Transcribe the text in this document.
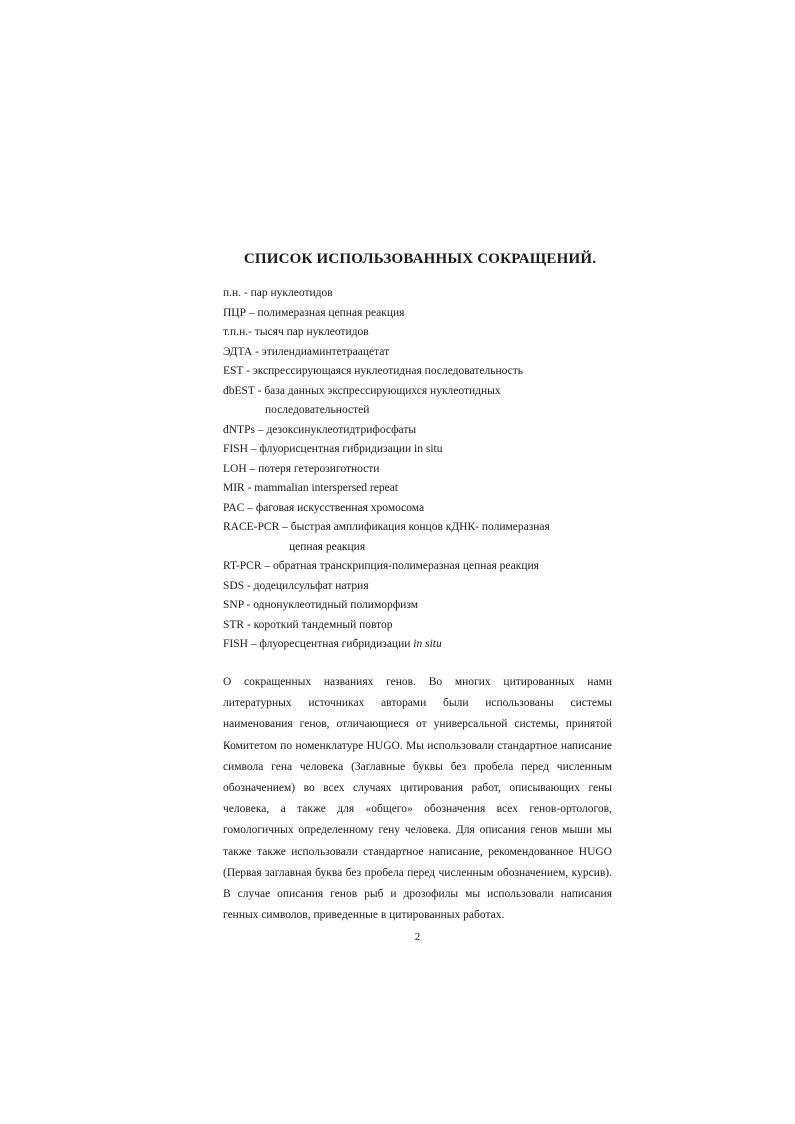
СПИСОК ИСПОЛЬЗОВАННЫХ СОКРАЩЕНИЙ.
п.н. - пар нуклеотидов
ПЦР – полимеразная цепная реакция
т.п.н.- тысяч пар нуклеотидов
ЭДТА - этилендиаминтетраацетат
EST - экспрессирующаяся нуклеотидная последовательность
dbEST - база данных экспрессирующихся нуклеотидных
последовательностей
dNTPs – дезоксинуклеотидтрифосфаты
FISH – флуорисцентная гибридизации in situ
LOH – потеря гетерозиготности
MIR - mammalian interspersed repeat
PAC – фаговая искусственная хромосома
RACE-PCR – быстрая амплификация концов кДНК- полимеразная
цепная реакция
RT-PCR – обратная транскрипция-полимеразная цепная реакция
SDS - додецилсульфат натрия
SNP - однонуклеотидный полиморфизм
STR - короткий тандемный повтор
FISH – флуоресцентная гибридизации in situ

О сокращенных названиях генов. Во многих цитированных нами литературных источниках авторами были использованы системы наименования генов, отличающиеся от универсальной системы, принятой Комитетом по номенклатуре HUGO. Мы использовали стандартное написание символа гена человека (Заглавные буквы без пробела перед численным обозначением) во всех случаях цитирования работ, описывающих гены человека, а также для «общего» обозначения всех генов-ортологов, гомологичных определенному гену человека. Для описания генов мыши мы также также использовали стандартное написание, рекомендованное HUGO (Первая заглавная буква без пробела перед численным обозначением, курсив). В случае описания генов рыб и дрозофилы мы использовали написания генных символов, приведенные в цитированных работах.

2
